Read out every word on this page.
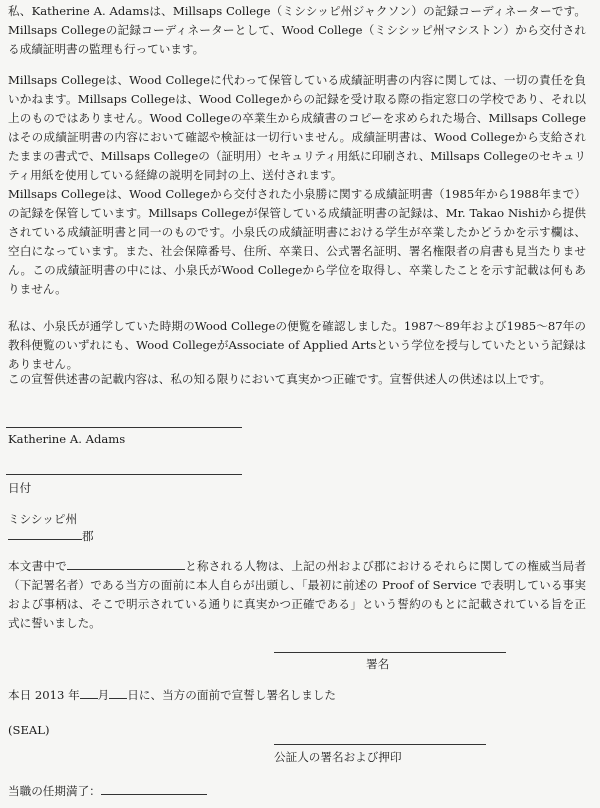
私、Katherine A. Adamsは、Millsaps College（ミシシッピ州ジャクソン）の記録コーディネーターです。Millsaps Collegeの記録コーディネーターとして、Wood College（ミシシッピ州マシストン）から交付される成績証明書の監理も行っています。

Millsaps Collegeは、Wood Collegeに代わって保管している成績証明書の内容に関しては、一切の責任を負いかねます。Millsaps Collegeは、Wood Collegeからの記録を受け取る際の指定窓口の学校であり、それ以上のものではありません。Wood Collegeの卒業生から成績書のコピーを求められた場合、Millsaps Collegeはその成績証明書の内容において確認や検証は一切行いません。成績証明書は、Wood Collegeから支給されたままの書式で、Millsaps Collegeの（証明用）セキュリティ用紙に印刷され、Millsaps Collegeのセキュリティ用紙を使用している経緯の説明を同封の上、送付されます。

Millsaps Collegeは、Wood Collegeから交付された小泉勝に関する成績証明書（1985年から1988年まで）の記録を保管しています。Millsaps Collegeが保管している成績証明書の記録は、Mr. Takao Nishiから提供されている成績証明書と同一のものです。小泉氏の成績証明書における学生が卒業したかどうかを示す欄は、空白になっています。また、社会保障番号、住所、卒業日、公式署名証明、署名権限者の肩書も見当たりません。この成績証明書の中には、小泉氏がWood Collegeから学位を取得し、卒業したことを示す記載は何もありません。

私は、小泉氏が通学していた時期のWood Collegeの便覧を確認しました。1987〜89年および1985〜87年の教科便覧のいずれにも、Wood CollegeがAssociate of Applied Artsという学位を授与していたという記録はありません。

この宣誓供述書の記載内容は、私の知る限りにおいて真実かつ正確です。宣誓供述人の供述は以上です。

Katherine A. Adams

日付

ミシシッピ州

郡

本文書中で	と称される人物は、上記の州および郡におけるそれらに関しての権威当局者（下記署名者）である当方の面前に本人自らが出頭し、「最初に前述の Proof of Service で表明している事実および事柄は、そこで明示されている通りに真実かつ正確である」という誓約のもとに記載されている旨を正式に誓いました。

署名

本日 2013 年 月 日に、当方の面前で宣誓し署名しました

(SEAL)

公証人の署名および押印

当職の任期満了：
